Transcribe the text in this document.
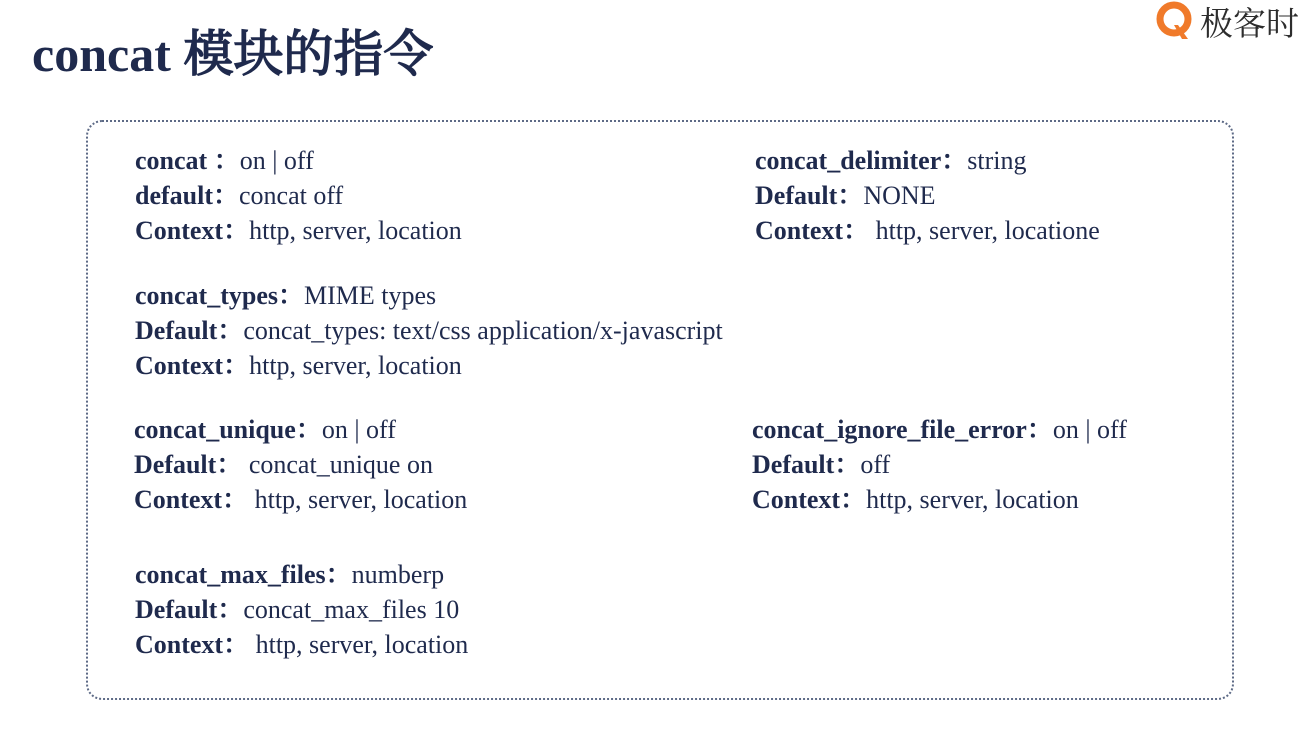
concat 模块的指令
极客时
concat ：on | off
default：concat off
Context：http, server, location
concat_delimiter：string
Default：NONE
Context： http, server, locatione
concat_types：MIME types
Default：concat_types: text/css application/x-javascript
Context：http, server, location
concat_unique：on | off
Default： concat_unique on
Context： http, server, location
concat_ignore_file_error：on | off
Default：off
Context：http, server, location
concat_max_files：numberp
Default：concat_max_files 10
Context： http, server, location
